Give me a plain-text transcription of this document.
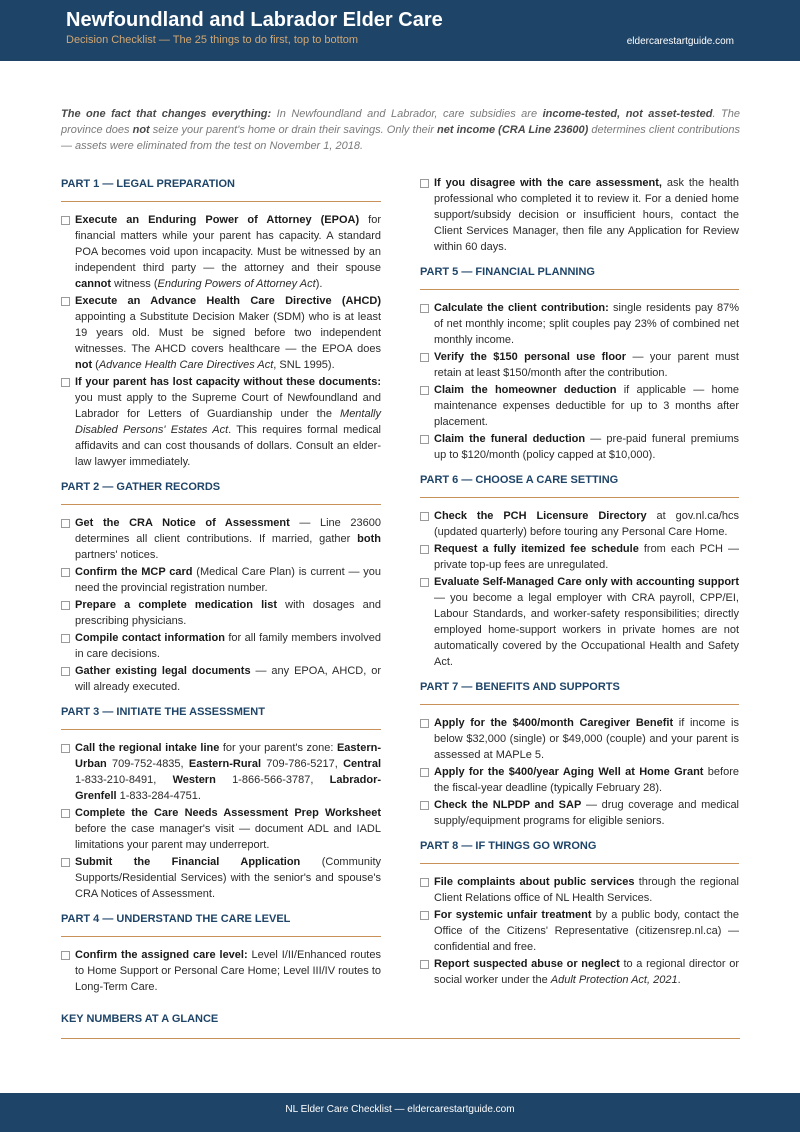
Newfoundland and Labrador Elder Care
Decision Checklist — The 25 things to do first, top to bottom	eldercarestartguide.com

The one fact that changes everything: In Newfoundland and Labrador, care subsidies are income-tested, not asset-tested. The province does not seize your parent's home or drain their savings. Only their net income (CRA Line 23600) determines client contributions — assets were eliminated from the test on November 1, 2018.

PART 1 — LEGAL PREPARATION
Execute an Enduring Power of Attorney (EPOA) for financial matters while your parent has capacity. A standard POA becomes void upon incapacity. Must be witnessed by an independent third party — the attorney and their spouse cannot witness (Enduring Powers of Attorney Act).
Execute an Advance Health Care Directive (AHCD) appointing a Substitute Decision Maker (SDM) who is at least 19 years old. Must be signed before two independent witnesses. The AHCD covers healthcare — the EPOA does not (Advance Health Care Directives Act, SNL 1995).
If your parent has lost capacity without these documents: you must apply to the Supreme Court of Newfoundland and Labrador for Letters of Guardianship under the Mentally Disabled Persons' Estates Act. This requires formal medical affidavits and can cost thousands of dollars. Consult an elder-law lawyer immediately.
PART 2 — GATHER RECORDS
Get the CRA Notice of Assessment — Line 23600 determines all client contributions. If married, gather both partners' notices.
Confirm the MCP card (Medical Care Plan) is current — you need the provincial registration number.
Prepare a complete medication list with dosages and prescribing physicians.
Compile contact information for all family members involved in care decisions.
Gather existing legal documents — any EPOA, AHCD, or will already executed.
PART 3 — INITIATE THE ASSESSMENT
Call the regional intake line for your parent's zone: Eastern-Urban 709-752-4835, Eastern-Rural 709-786-5217, Central 1-833-210-8491, Western 1-866-566-3787, Labrador-Grenfell 1-833-284-4751.
Complete the Care Needs Assessment Prep Worksheet before the case manager's visit — document ADL and IADL limitations your parent may underreport.
Submit the Financial Application (Community Supports/Residential Services) with the senior's and spouse's CRA Notices of Assessment.
PART 4 — UNDERSTAND THE CARE LEVEL
Confirm the assigned care level: Level I/II/Enhanced routes to Home Support or Personal Care Home; Level III/IV routes to Long-Term Care.
If you disagree with the care assessment, ask the health professional who completed it to review it. For a denied home support/subsidy decision or insufficient hours, contact the Client Services Manager, then file any Application for Review within 60 days.
PART 5 — FINANCIAL PLANNING
Calculate the client contribution: single residents pay 87% of net monthly income; split couples pay 23% of combined net monthly income.
Verify the $150 personal use floor — your parent must retain at least $150/month after the contribution.
Claim the homeowner deduction if applicable — home maintenance expenses deductible for up to 3 months after placement.
Claim the funeral deduction — pre-paid funeral premiums up to $120/month (policy capped at $10,000).
PART 6 — CHOOSE A CARE SETTING
Check the PCH Licensure Directory at gov.nl.ca/hcs (updated quarterly) before touring any Personal Care Home.
Request a fully itemized fee schedule from each PCH — private top-up fees are unregulated.
Evaluate Self-Managed Care only with accounting support — you become a legal employer with CRA payroll, CPP/EI, Labour Standards, and worker-safety responsibilities; directly employed home-support workers in private homes are not automatically covered by the Occupational Health and Safety Act.
PART 7 — BENEFITS AND SUPPORTS
Apply for the $400/month Caregiver Benefit if income is below $32,000 (single) or $49,000 (couple) and your parent is assessed at MAPLe 5.
Apply for the $400/year Aging Well at Home Grant before the fiscal-year deadline (typically February 28).
Check the NLPDP and SAP — drug coverage and medical supply/equipment programs for eligible seniors.
PART 8 — IF THINGS GO WRONG
File complaints about public services through the regional Client Relations office of NL Health Services.
For systemic unfair treatment by a public body, contact the Office of the Citizens' Representative (citizensrep.nl.ca) — confidential and free.
Report suspected abuse or neglect to a regional director or social worker under the Adult Protection Act, 2021.
KEY NUMBERS AT A GLANCE
NL Elder Care Checklist — eldercarestartguide.com
